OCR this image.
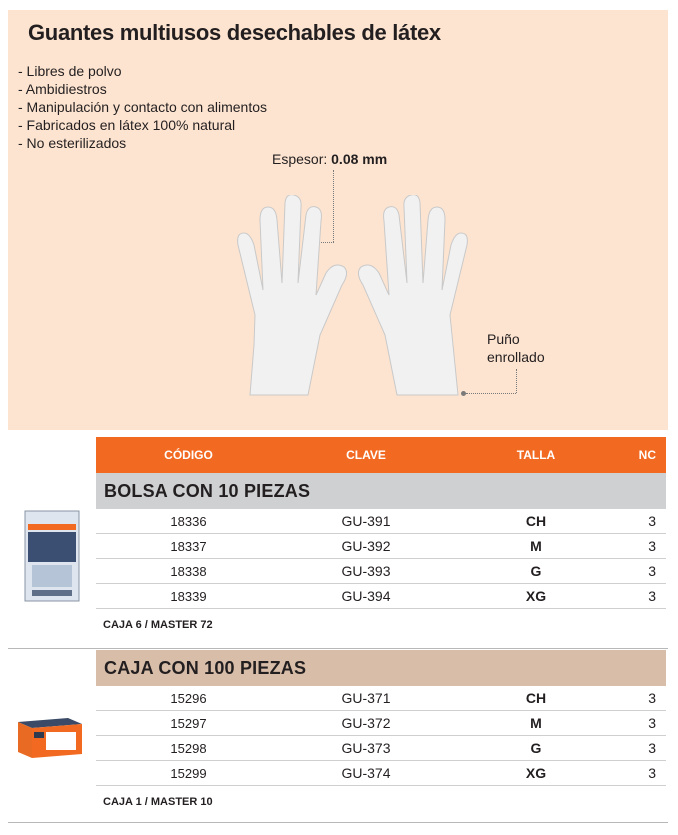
Guantes multiusos desechables de látex
- Libres de polvo
- Ambidiestros
- Manipulación y contacto con alimentos
- Fabricados en látex 100% natural
- No esterilizados
Espesor: 0.08 mm
Puño
enrollado
CÓDIGO	CLAVE	TALLA	NC
BOLSA CON 10 PIEZAS
18336	GU-391	CH	3
18337	GU-392	M	3
18338	GU-393	G	3
18339	GU-394	XG	3
CAJA 6 / MASTER 72
CAJA CON 100 PIEZAS
15296	GU-371	CH	3
15297	GU-372	M	3
15298	GU-373	G	3
15299	GU-374	XG	3
CAJA 1 / MASTER 10
